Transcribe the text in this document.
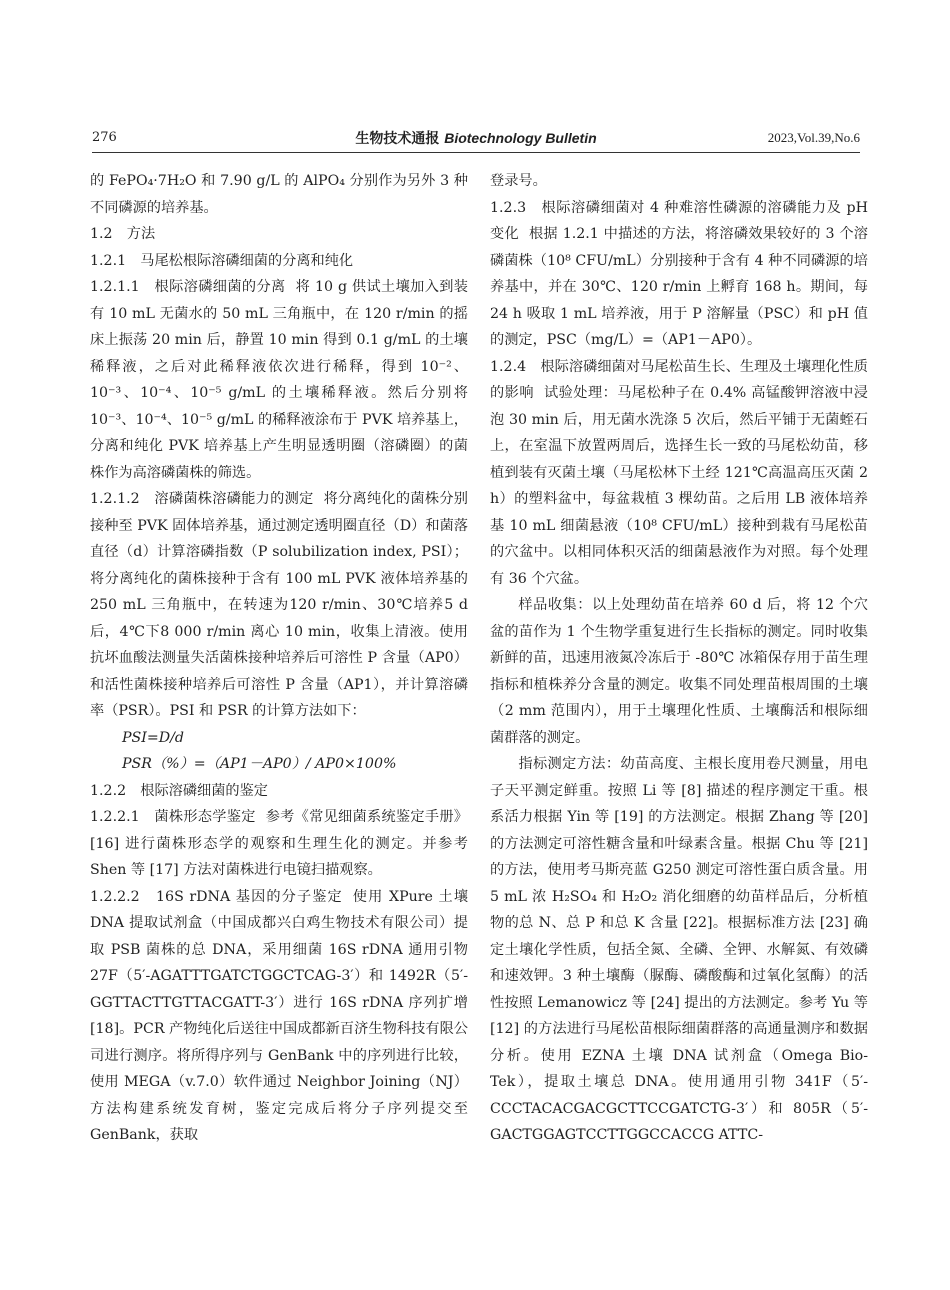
276	生物技术通报 Biotechnology Bulletin	2023,Vol.39,No.6

的 FePO₄·7H₂O 和 7.90 g/L 的 AlPO₄ 分别作为另外 3 种不同磷源的培养基。

1.2　方法

1.2.1　马尾松根际溶磷细菌的分离和纯化

1.2.1.1　根际溶磷细菌的分离 将 10 g 供试土壤加入到装有 10 mL 无菌水的 50 mL 三角瓶中，在 120 r/min 的摇床上振荡 20 min 后，静置 10 min 得到 0.1 g/mL 的土壤稀释液，之后对此稀释液依次进行稀释，得到 10⁻²、10⁻³、10⁻⁴、10⁻⁵ g/mL 的土壤稀释液。然后分别将 10⁻³、10⁻⁴、10⁻⁵ g/mL 的稀释液涂布于 PVK 培养基上，分离和纯化 PVK 培养基上产生明显透明圈（溶磷圈）的菌株作为高溶磷菌株的筛选。

1.2.1.2　溶磷菌株溶磷能力的测定 将分离纯化的菌株分别接种至 PVK 固体培养基，通过测定透明圈直径（D）和菌落直径（d）计算溶磷指数（P solubilization index, PSI）；将分离纯化的菌株接种于含有 100 mL PVK 液体培养基的 250 mL 三角瓶中，在转速为120 r/min、30℃培养5 d后，4℃下8 000 r/min 离心 10 min，收集上清液。使用抗坏血酸法测量失活菌株接种培养后可溶性 P 含量（AP0）和活性菌株接种培养后可溶性 P 含量（AP1），并计算溶磷率（PSR）。PSI 和 PSR 的计算方法如下：

PSI=D/d

PSR（%）=（AP1－AP0）/ AP0×100%

1.2.2　根际溶磷细菌的鉴定

1.2.2.1　菌株形态学鉴定 参考《常见细菌系统鉴定手册》[16] 进行菌株形态学的观察和生理生化的测定。并参考 Shen 等 [17] 方法对菌株进行电镜扫描观察。

1.2.2.2　16S rDNA 基因的分子鉴定 使用 XPure 土壤 DNA 提取试剂盒（中国成都兴白鸡生物技术有限公司）提取 PSB 菌株的总 DNA，采用细菌 16S rDNA 通用引物 27F（5′-AGATTTGATCTGGCTCAG-3′）和 1492R（5′-GGTTACTTGTTACGATT-3′）进行 16S rDNA 序列扩增 [18]。PCR 产物纯化后送往中国成都新百济生物科技有限公司进行测序。将所得序列与 GenBank 中的序列进行比较，使用 MEGA（v.7.0）软件通过 Neighbor Joining（NJ）方法构建系统发育树，鉴定完成后将分子序列提交至 GenBank，获取

登录号。

1.2.3　根际溶磷细菌对 4 种难溶性磷源的溶磷能力及 pH 变化 根据 1.2.1 中描述的方法，将溶磷效果较好的 3 个溶磷菌株（10⁸ CFU/mL）分别接种于含有 4 种不同磷源的培养基中，并在 30℃、120 r/min 上孵育 168 h。期间，每 24 h 吸取 1 mL 培养液，用于 P 溶解量（PSC）和 pH 值的测定，PSC（mg/L）=（AP1－AP0）。

1.2.4　根际溶磷细菌对马尾松苗生长、生理及土壤理化性质的影响 试验处理：马尾松种子在 0.4% 高锰酸钾溶液中浸泡 30 min 后，用无菌水洗涤 5 次后，然后平铺于无菌蛭石上，在室温下放置两周后，选择生长一致的马尾松幼苗，移植到装有灭菌土壤（马尾松林下土经 121℃高温高压灭菌 2 h）的塑料盆中，每盆栽植 3 棵幼苗。之后用 LB 液体培养基 10 mL 细菌悬液（10⁸ CFU/mL）接种到栽有马尾松苗的穴盆中。以相同体积灭活的细菌悬液作为对照。每个处理有 36 个穴盆。

样品收集：以上处理幼苗在培养 60 d 后，将 12 个穴盆的苗作为 1 个生物学重复进行生长指标的测定。同时收集新鲜的苗，迅速用液氮冷冻后于 -80℃ 冰箱保存用于苗生理指标和植株养分含量的测定。收集不同处理苗根周围的土壤（2 mm 范围内），用于土壤理化性质、土壤酶活和根际细菌群落的测定。

指标测定方法：幼苗高度、主根长度用卷尺测量，用电子天平测定鲜重。按照 Li 等 [8] 描述的程序测定干重。根系活力根据 Yin 等 [19] 的方法测定。根据 Zhang 等 [20] 的方法测定可溶性糖含量和叶绿素含量。根据 Chu 等 [21] 的方法，使用考马斯亮蓝 G250 测定可溶性蛋白质含量。用 5 mL 浓 H₂SO₄ 和 H₂O₂ 消化细磨的幼苗样品后，分析植物的总 N、总 P 和总 K 含量 [22]。根据标准方法 [23] 确定土壤化学性质，包括全氮、全磷、全钾、水解氮、有效磷和速效钾。3 种土壤酶（脲酶、磷酸酶和过氧化氢酶）的活性按照 Lemanowicz 等 [24] 提出的方法测定。参考 Yu 等 [12] 的方法进行马尾松苗根际细菌群落的高通量测序和数据分析。使用 EZNA 土壤 DNA 试剂盒（Omega Bio-Tek），提取土壤总 DNA。使用通用引物 341F（5′-CCCTACACGACGCTTCCGATCTG-3′）和 805R（5′-GACTGGAGTCCTTGGCCACCG ATTC-
